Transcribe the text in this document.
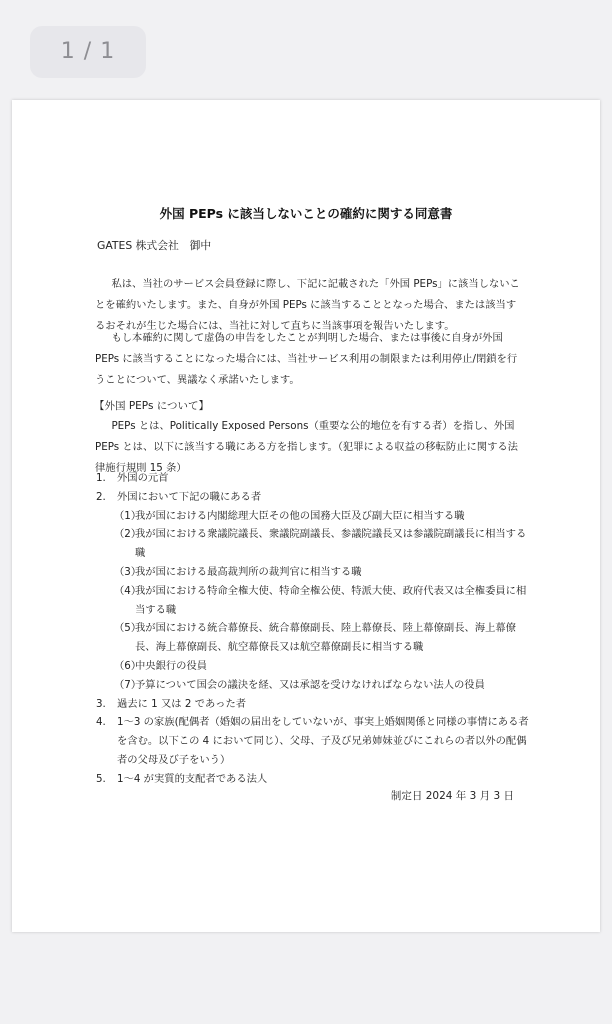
1 / 1
外国 PEPs に該当しないことの確約に関する同意書
GATES 株式会社　御中

私は、当社のサービス会員登録に際し、下記に記載された「外国 PEPs」に該当しないことを確約いたします。また、自身が外国 PEPs に該当することとなった場合、または該当するおそれが生じた場合には、当社に対して直ちに当該事項を報告いたします。

もし本確約に関して虚偽の申告をしたことが判明した場合、または事後に自身が外国 PEPs に該当することになった場合には、当社サービス利用の制限または利用停止/閉鎖を行うことについて、異議なく承諾いたします。

【外国 PEPs について】

PEPs とは、Politically Exposed Persons（重要な公的地位を有する者）を指し、外国 PEPs とは、以下に該当する職にある方を指します。（犯罪による収益の移転防止に関する法律施行規則 15 条）

1. 外国の元首
2. 外国において下記の職にある者
（1）
我が国における内閣総理大臣その他の国務大臣及び副大臣に相当する職
（2）
我が国における衆議院議長、衆議院副議長、参議院議長又は参議院副議長に相当する職
（3）
我が国における最高裁判所の裁判官に相当する職
（4）
我が国における特命全権大使、特命全権公使、特派大使、政府代表又は全権委員に相当する職
（5）
我が国における統合幕僚長、統合幕僚副長、陸上幕僚長、陸上幕僚副長、海上幕僚長、海上幕僚副長、航空幕僚長又は航空幕僚副長に相当する職
（6）
中央銀行の役員
（7）
予算について国会の議決を経、又は承認を受けなければならない法人の役員
3. 過去に 1 又は 2 であった者
4. 1～3 の家族(配偶者（婚姻の届出をしていないが、事実上婚姻関係と同様の事情にある者を含む。以下この 4 において同じ）、父母、子及び兄弟姉妹並びにこれらの者以外の配偶者の父母及び子をいう）
5. 1～4 が実質的支配者である法人
制定日 2024 年 3 月 3 日
